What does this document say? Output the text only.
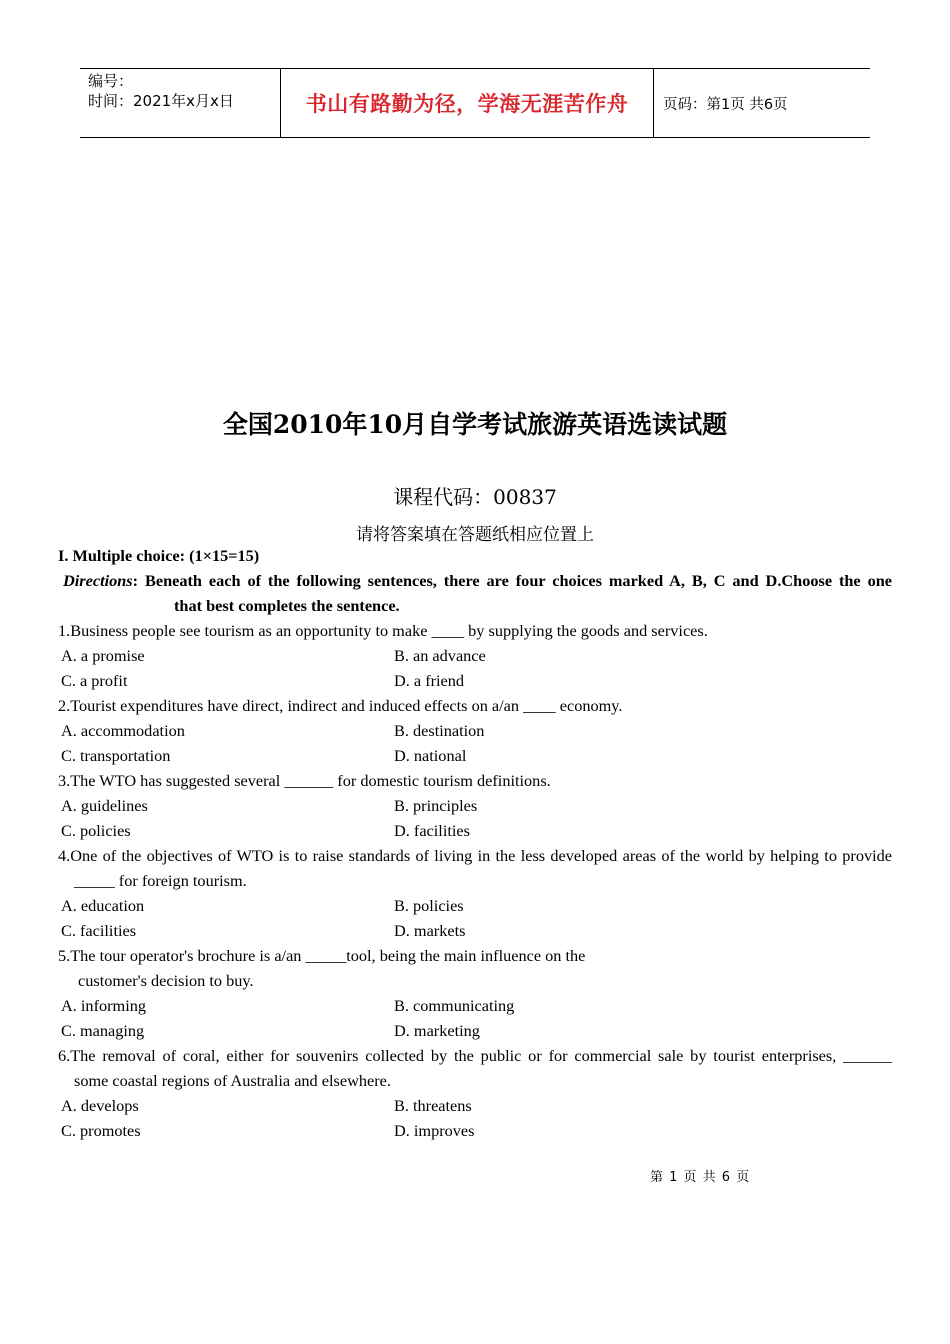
编号：
时间：2021年x月x日	书山有路勤为径，学海无涯苦作舟 页码：第1页 共6页
全国2010年10月自学考试旅游英语选读试题
课程代码：00837
请将答案填在答题纸相应位置上
I. Multiple choice: (1×15=15)
Directions: Beneath each of the following sentences, there are four choices marked A, B, C and D.Choose the one
that best completes the sentence.
1.Business people see tourism as an opportunity to make ____ by supplying the goods and services.
A. a promise	B. an advance
C. a profit	D. a friend
2.Tourist expenditures have direct, indirect and induced effects on a/an ____ economy.
A. accommodation	B. destination
C. transportation	D. national
3.The WTO has suggested several ______ for domestic tourism definitions.
A. guidelines	B. principles
C. policies	D. facilities
4.One of the objectives of WTO is to raise standards of living in the less developed areas of the world by helping to provide
_____ for foreign tourism.
A. education	B. policies
C. facilities	D. markets
5.The tour operator's brochure is a/an _____tool, being the main influence on the
customer's decision to buy.
A. informing	B. communicating
C. managing	D. marketing
6.The removal of coral, either for souvenirs collected by the public or for commercial sale by tourist enterprises, ______
some coastal regions of Australia and elsewhere.
A. develops	B. threatens
C. promotes	D. improves
第 1 页 共 6 页
